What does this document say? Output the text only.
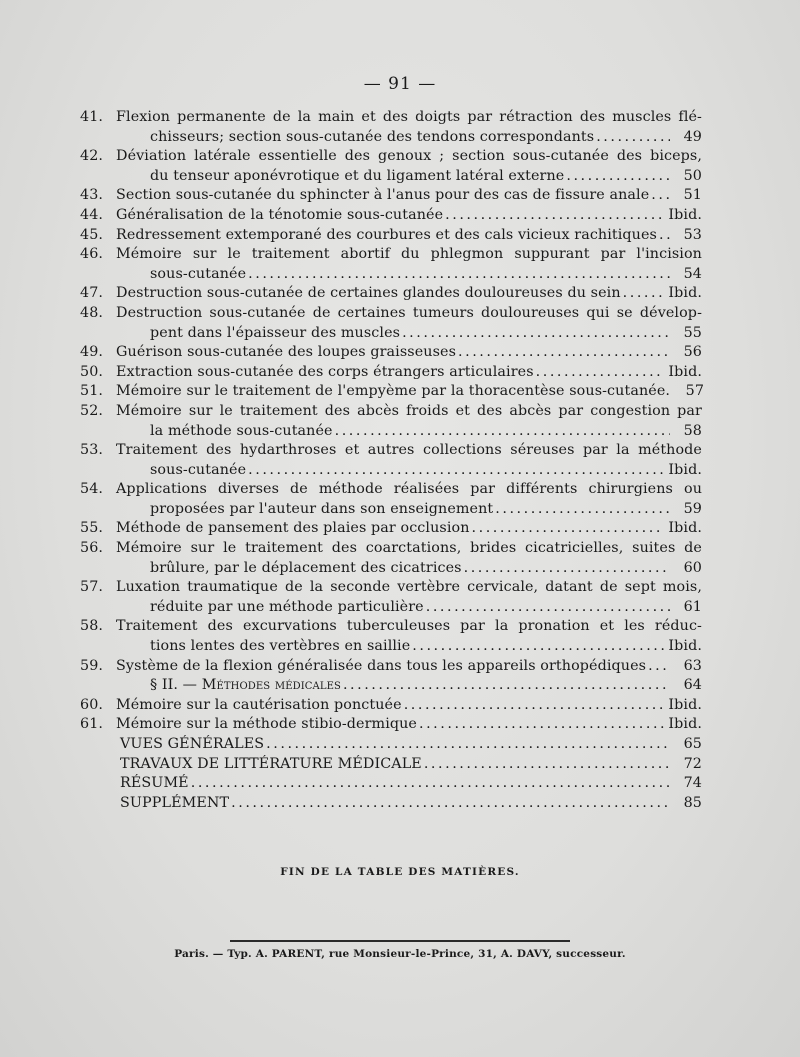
— 91 —
41. Flexion permanente de la main et des doigts par rétraction des muscles flé-
chisseurs; section sous-cutanée des tendons correspondants . . .	49
42. Déviation latérale essentielle des genoux ; section sous-cutanée des biceps,
du tenseur aponévrotique et du ligament latéral externe . . .	50
43. Section sous-cutanée du sphincter à l'anus pour des cas de fissure anale . . .	51
44. Généralisation de la ténotomie sous-cutanée . . .	Ibid.
45. Redressement extemporané des courbures et des cals vicieux rachitiques . . .	53
46. Mémoire sur le traitement abortif du phlegmon suppurant par l'incision
sous-cutanée . . .	54
47. Destruction sous-cutanée de certaines glandes douloureuses du sein . . .	Ibid.
48. Destruction sous-cutanée de certaines tumeurs douloureuses qui se dévelop-
pent dans l'épaisseur des muscles . . .	55
49. Guérison sous-cutanée des loupes graisseuses . . .	56
50. Extraction sous-cutanée des corps étrangers articulaires . . .	Ibid.
51. Mémoire sur le traitement de l'empyème par la thoracentèse sous-cutanée.	57
52. Mémoire sur le traitement des abcès froids et des abcès par congestion par
la méthode sous-cutanée . . .	58
53. Traitement des hydarthroses et autres collections séreuses par la méthode
sous-cutanée . . .	Ibid.
54. Applications diverses de méthode réalisées par différents chirurgiens ou
proposées par l'auteur dans son enseignement . . .	59
55. Méthode de pansement des plaies par occlusion . . .	Ibid.
56. Mémoire sur le traitement des coarctations, brides cicatricielles, suites de
brûlure, par le déplacement des cicatrices . . .	60
57. Luxation traumatique de la seconde vertèbre cervicale, datant de sept mois,
réduite par une méthode particulière . . .	61
58. Traitement des excurvations tuberculeuses par la pronation et les réduc-
tions lentes des vertèbres en saillie . . .	Ibid.
59. Système de la flexion généralisée dans tous les appareils orthopédiques . . .	63
§ II. — Méthodes médicales . . .	64
60. Mémoire sur la cautérisation ponctuée . . .	Ibid.
61. Mémoire sur la méthode stibio-dermique . . .	Ibid.
VUES GÉNÉRALES . . .	65
TRAVAUX DE LITTÉRATURE MÉDICALE . . .	72
RÉSUMÉ . . .	74
SUPPLÉMENT . . .	85
FIN DE LA TABLE DES MATIÈRES.
Paris. — Typ. A. PARENT, rue Monsieur-le-Prince, 31, A. DAVY, successeur.
